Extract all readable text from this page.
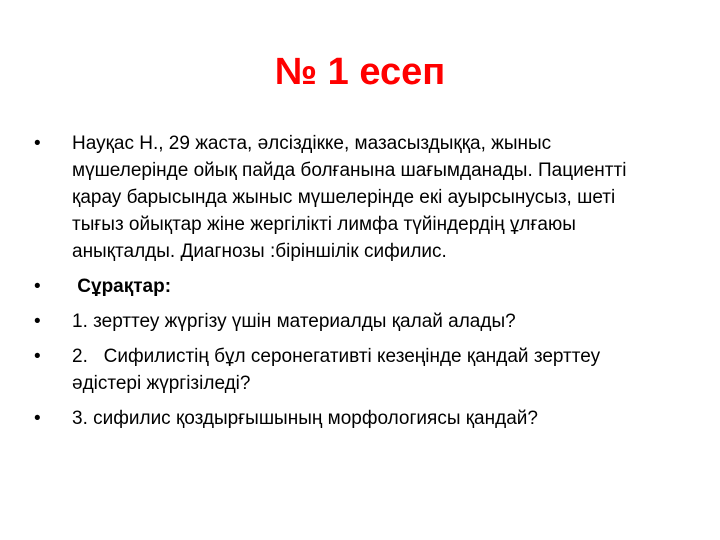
№ 1 есеп
•	Науқас Н., 29 жаста, әлсіздікке, мазасыздыққа, жыныс мүшелерінде ойық пайда болғанына шағымданады. Пациентті қарау барысында жыныс мүшелерінде екі ауырсынусыз, шеті тығыз ойықтар жіне жергілікті лимфа түйіндердің ұлғаюы анықталды. Диагнозы :біріншілік сифилис.
•	Сұрақтар:
•	1. зерттеу жүргізу үшін материалды қалай алады?
•	2.   Сифилистің бұл серонегативті кезеңінде қандай зерттеу әдістері жүргізіледі?
•	3. сифилис қоздырғышының морфологиясы қандай?
